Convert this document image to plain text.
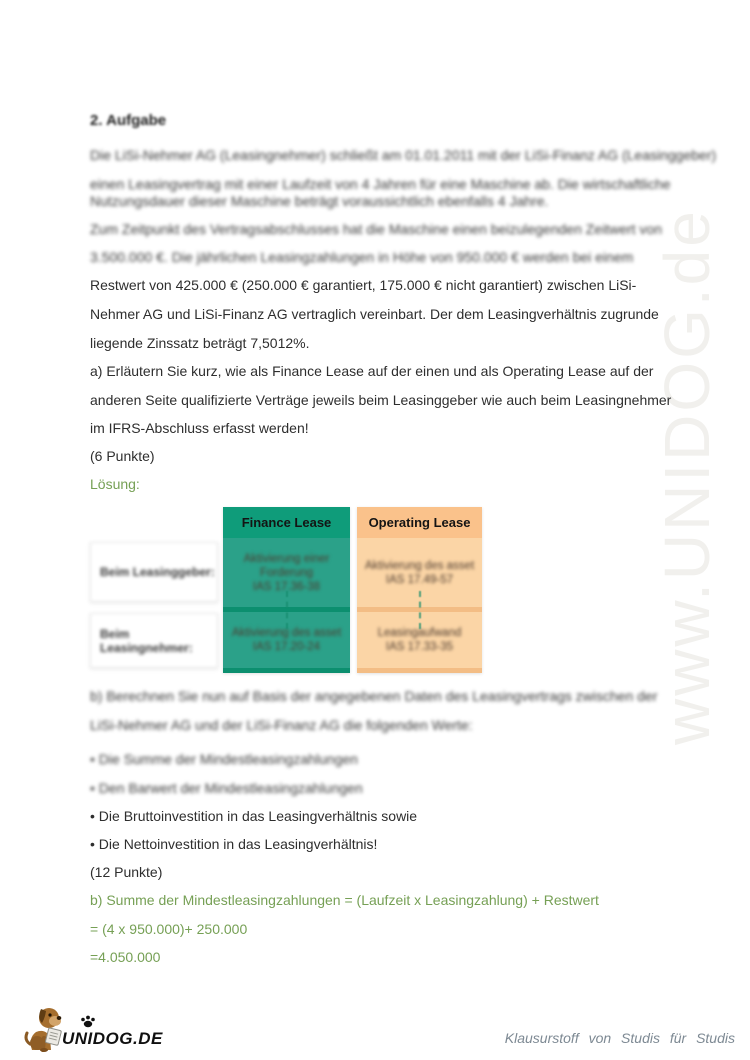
www.UNIDOG.de
2. Aufgabe
Die LiSi-Nehmer AG (Leasingnehmer) schließt am 01.01.2011 mit der LiSi-Finanz AG (Leasinggeber)
einen Leasingvertrag mit einer Laufzeit von 4 Jahren für eine Maschine ab. Die wirtschaftliche
Nutzungsdauer dieser Maschine beträgt voraussichtlich ebenfalls 4 Jahre.
Zum Zeitpunkt des Vertragsabschlusses hat die Maschine einen beizulegenden Zeitwert von
3.500.000 €. Die jährlichen Leasingzahlungen in Höhe von 950.000 € werden bei einem
Restwert von 425.000 € (250.000 € garantiert, 175.000 € nicht garantiert) zwischen LiSi-
Nehmer AG und LiSi-Finanz AG vertraglich vereinbart. Der dem Leasingverhältnis zugrunde
liegende Zinssatz beträgt 7,5012%.
a) Erläutern Sie kurz, wie als Finance Lease auf der einen und als Operating Lease auf der
anderen Seite qualifizierte Verträge jeweils beim Leasinggeber wie auch beim Leasingnehmer
im IFRS-Abschluss erfasst werden!
(6 Punkte)
Lösung:
Beim Leasinggeber:
Beim Leasingnehmer:
Finance Lease
Aktivierung einer
Forderung
IAS 17.36-38
Aktivierung des asset
IAS 17.20-24
Operating Lease
Aktivierung des asset
IAS 17.49-57
Leasingaufwand
IAS 17.33-35
b) Berechnen Sie nun auf Basis der angegebenen Daten des Leasingvertrags zwischen der
LiSi-Nehmer AG und der LiSi-Finanz AG die folgenden Werte:
• Die Summe der Mindestleasingzahlungen
• Den Barwert der Mindestleasingzahlungen
• Die Bruttoinvestition in das Leasingverhältnis sowie
• Die Nettoinvestition in das Leasingverhältnis!
(12 Punkte)
b) Summe der Mindestleasingzahlungen = (Laufzeit x Leasingzahlung) + Restwert
= (4 x 950.000)+ 250.000
=4.050.000
UNIDOG.DE	Klausurstoff von Studis für Studis
